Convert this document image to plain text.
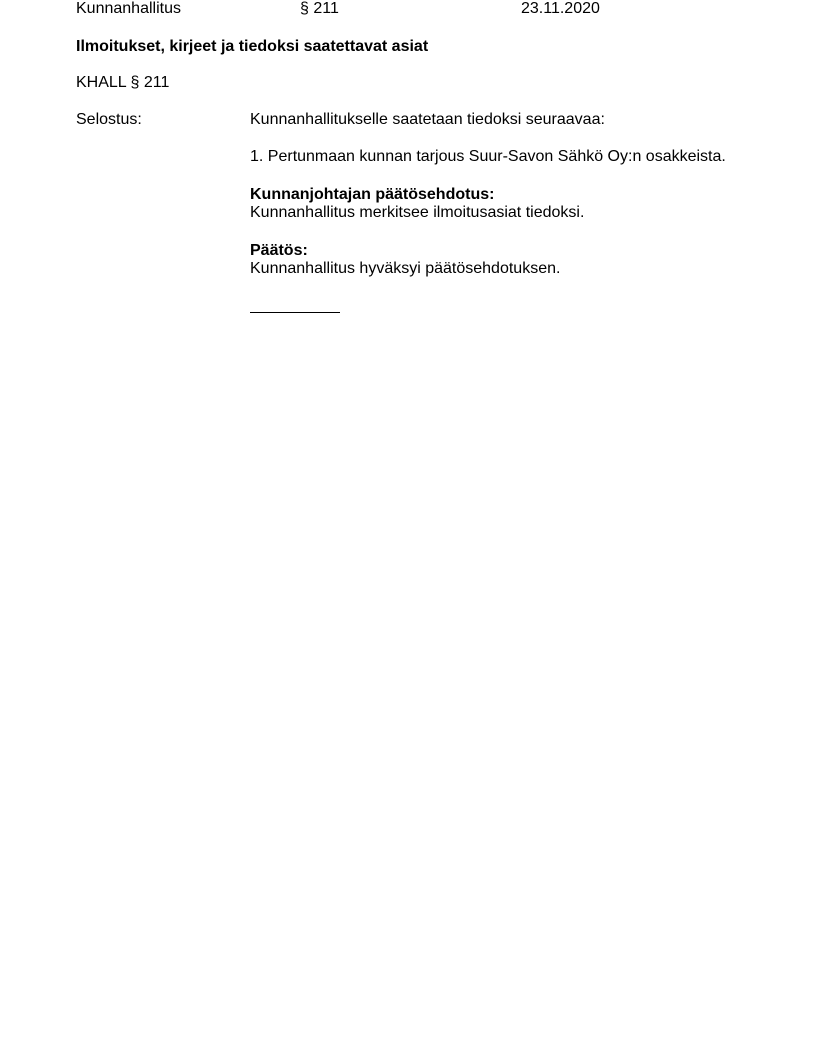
Kunnanhallitus	§ 211	23.11.2020
Ilmoitukset, kirjeet ja tiedoksi saatettavat asiat
KHALL § 211
Selostus:	Kunnanhallitukselle saatetaan tiedoksi seuraavaa:
1. Pertunmaan kunnan tarjous Suur-Savon Sähkö Oy:n osakkeista.
Kunnanjohtajan päätösehdotus:
Kunnanhallitus merkitsee ilmoitusasiat tiedoksi.
Päätös:
Kunnanhallitus hyväksyi päätösehdotuksen.
